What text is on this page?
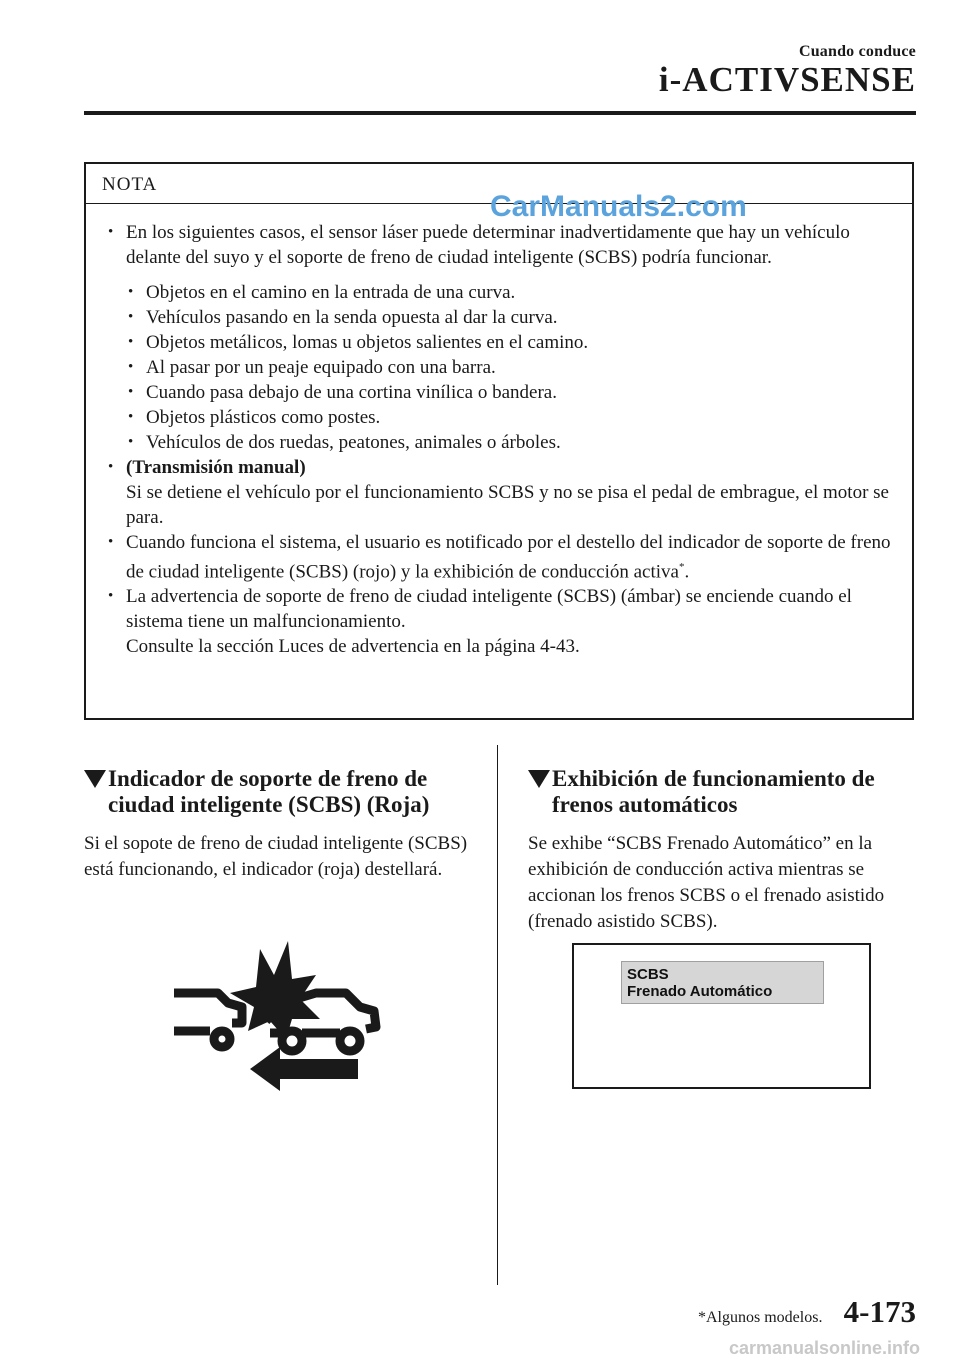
Cuando conduce
i-ACTIVSENSE
NOTA
• En los siguientes casos, el sensor láser puede determinar inadvertidamente que hay un vehículo delante del suyo y el soporte de freno de ciudad inteligente (SCBS) podría funcionar.
• Objetos en el camino en la entrada de una curva.
• Vehículos pasando en la senda opuesta al dar la curva.
• Objetos metálicos, lomas u objetos salientes en el camino.
• Al pasar por un peaje equipado con una barra.
• Cuando pasa debajo de una cortina vinílica o bandera.
• Objetos plásticos como postes.
• Vehículos de dos ruedas, peatones, animales o árboles.
• (Transmisión manual)
Si se detiene el vehículo por el funcionamiento SCBS y no se pisa el pedal de embrague, el motor se para.
• Cuando funciona el sistema, el usuario es notificado por el destello del indicador de soporte de freno de ciudad inteligente (SCBS) (rojo) y la exhibición de conducción activa*.
• La advertencia de soporte de freno de ciudad inteligente (SCBS) (ámbar) se enciende cuando el sistema tiene un malfuncionamiento.
Consulte la sección Luces de advertencia en la página 4-43.
CarManuals2.com
Indicador de soporte de freno de ciudad inteligente (SCBS) (Roja)
Si el sopote de freno de ciudad inteligente (SCBS) está funcionando, el indicador (roja) destellará.
Exhibición de funcionamiento de frenos automáticos
Se exhibe “SCBS Frenado Automático” en la exhibición de conducción activa mientras se accionan los frenos SCBS o el frenado asistido (frenado asistido SCBS).
SCBS
Frenado Automático
*Algunos modelos. 4-173
carmanualsonline.info
